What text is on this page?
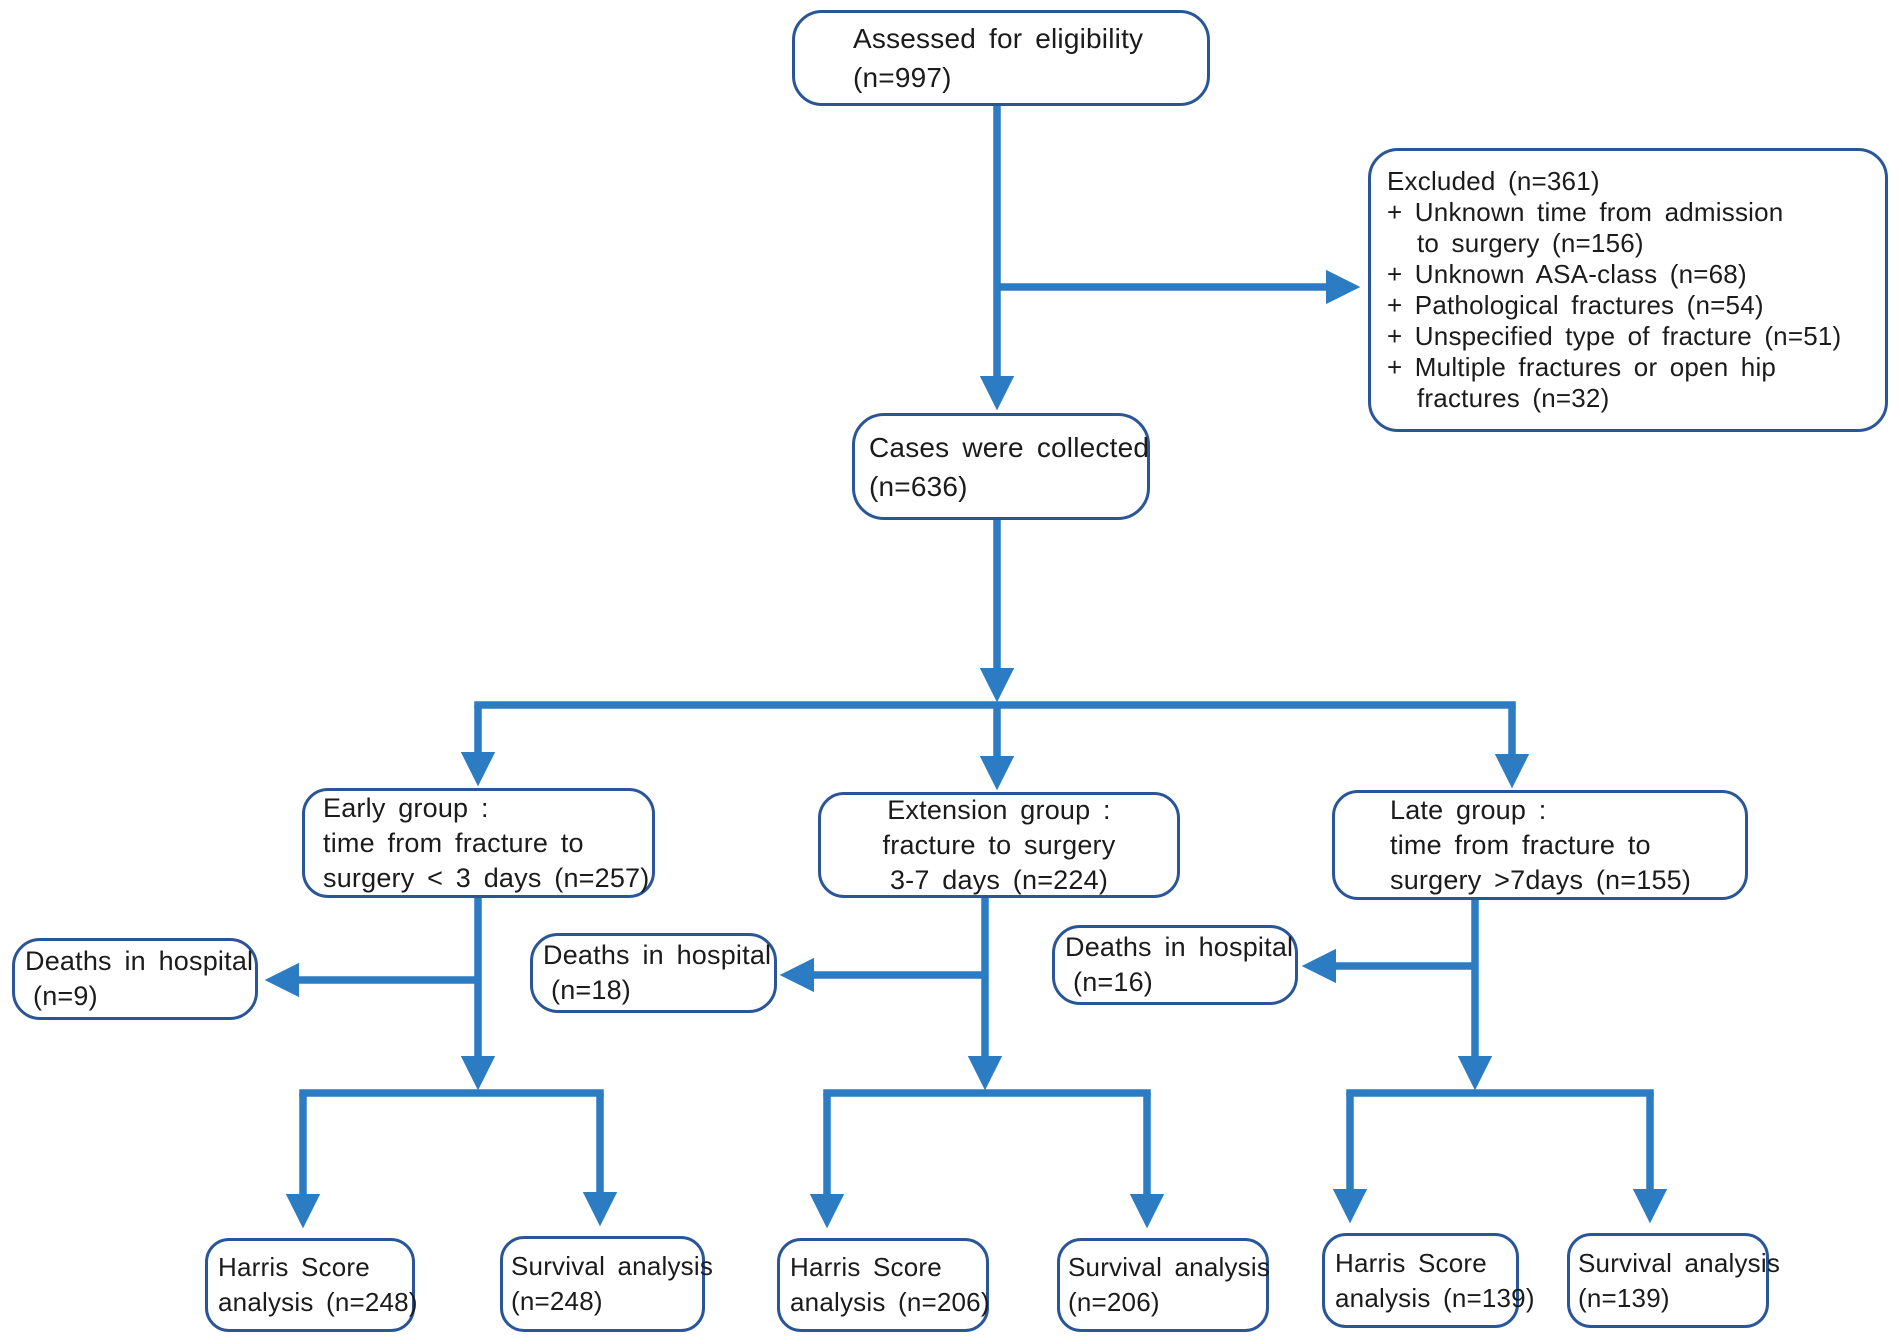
Assessed for eligibility
(n=997)
Excluded (n=361)
+ Unknown time from admission
to surgery (n=156)
+ Unknown ASA-class (n=68)
+ Pathological fractures (n=54)
+ Unspecified type of fracture (n=51)
+ Multiple fractures or open hip
fractures (n=32)
Cases were collected
(n=636)
Early group :
time from fracture to
surgery < 3 days (n=257)
Extension group :
fracture to surgery
3-7 days (n=224)
Late group :
time from fracture to
surgery >7days (n=155)
Deaths in hospital
(n=9)
Deaths in hospital
(n=18)
Deaths in hospital
(n=16)
Harris Score
analysis (n=248)
Survival analysis
(n=248)
Harris Score
analysis (n=206)
Survival analysis
(n=206)
Harris Score
analysis (n=139)
Survival analysis
(n=139)
